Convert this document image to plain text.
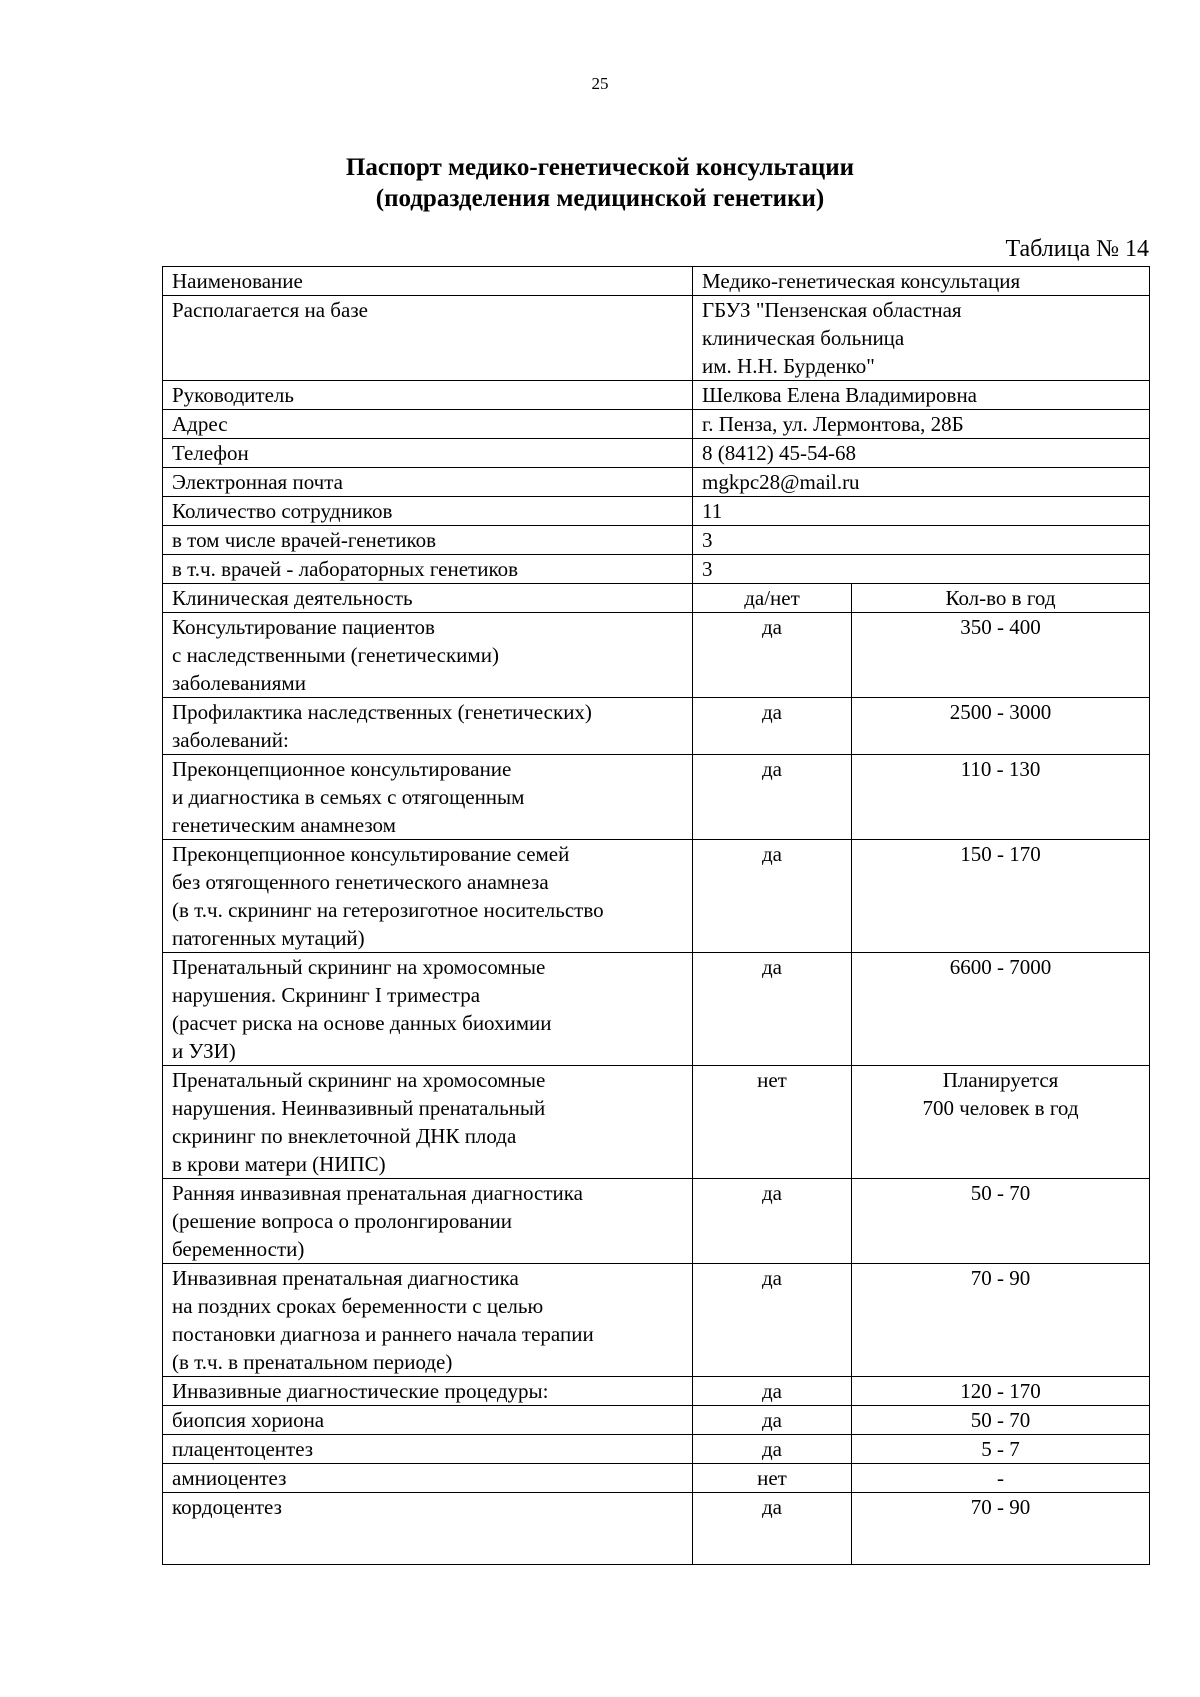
25
Паспорт медико-генетической консультации
(подразделения медицинской генетики)
Таблица № 14
Наименование	Медико-генетическая консультация	
Располагается на базе	ГБУЗ "Пензенская областная
клиническая больница
им. Н.Н. Бурденко"	
Руководитель	Шелкова Елена Владимировна	
Адрес	г. Пенза, ул. Лермонтова, 28Б	
Телефон	8 (8412) 45-54-68	
Электронная почта	mgkpc28@mail.ru	
Количество сотрудников	11	
в том числе врачей-генетиков	3	
в т.ч. врачей - лабораторных генетиков	3	
Клиническая деятельность	да/нет	Кол-во в год
Консультирование пациентов
с наследственными (генетическими)
заболеваниями	да	350 - 400
Профилактика наследственных (генетических)
заболеваний:	да	2500 - 3000
Преконцепционное консультирование
и диагностика в семьях с отягощенным
генетическим анамнезом	да	110 - 130
Преконцепционное консультирование семей
без отягощенного генетического анамнеза
(в т.ч. скрининг на гетерозиготное носительство
патогенных мутаций)	да	150 - 170
Пренатальный скрининг на хромосомные
нарушения. Скрининг I триместра
(расчет риска на основе данных биохимии
и УЗИ)	да	6600 - 7000
Пренатальный скрининг на хромосомные
нарушения. Неинвазивный пренатальный
скрининг по внеклеточной ДНК плода
в крови матери (НИПС)	нет	Планируется
700 человек в год
Ранняя инвазивная пренатальная диагностика
(решение вопроса о пролонгировании
беременности)	да	50 - 70
Инвазивная пренатальная диагностика
на поздних сроках беременности с целью
постановки диагноза и раннего начала терапии
(в т.ч. в пренатальном периоде)	да	70 - 90
Инвазивные диагностические процедуры:	да	120 - 170
биопсия хориона	да	50 - 70
плацентоцентез	да	5 - 7
амниоцентез	нет	-
кордоцентез	да	70 - 90
